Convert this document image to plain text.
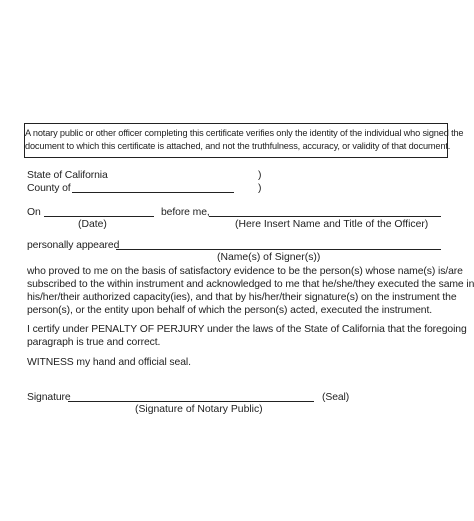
A notary public or other officer completing this certificate verifies only the identity of the individual who signed the
document to which this certificate is attached, and not the truthfulness, accuracy, or validity of that document.
State of California	)
County of	)
On	before me,
(Date)	(Here Insert Name and Title of the Officer)
personally appeared
(Name(s) of Signer(s))
who proved to me on the basis of satisfactory evidence to be the person(s) whose name(s) is/are
subscribed to the within instrument and acknowledged to me that he/she/they executed the same in
his/her/their authorized capacity(ies), and that by his/her/their signature(s) on the instrument the
person(s), or the entity upon behalf of which the person(s) acted, executed the instrument.
I certify under PENALTY OF PERJURY under the laws of the State of California that the foregoing
paragraph is true and correct.
WITNESS my hand and official seal.
Signature	(Seal)
(Signature of Notary Public)
